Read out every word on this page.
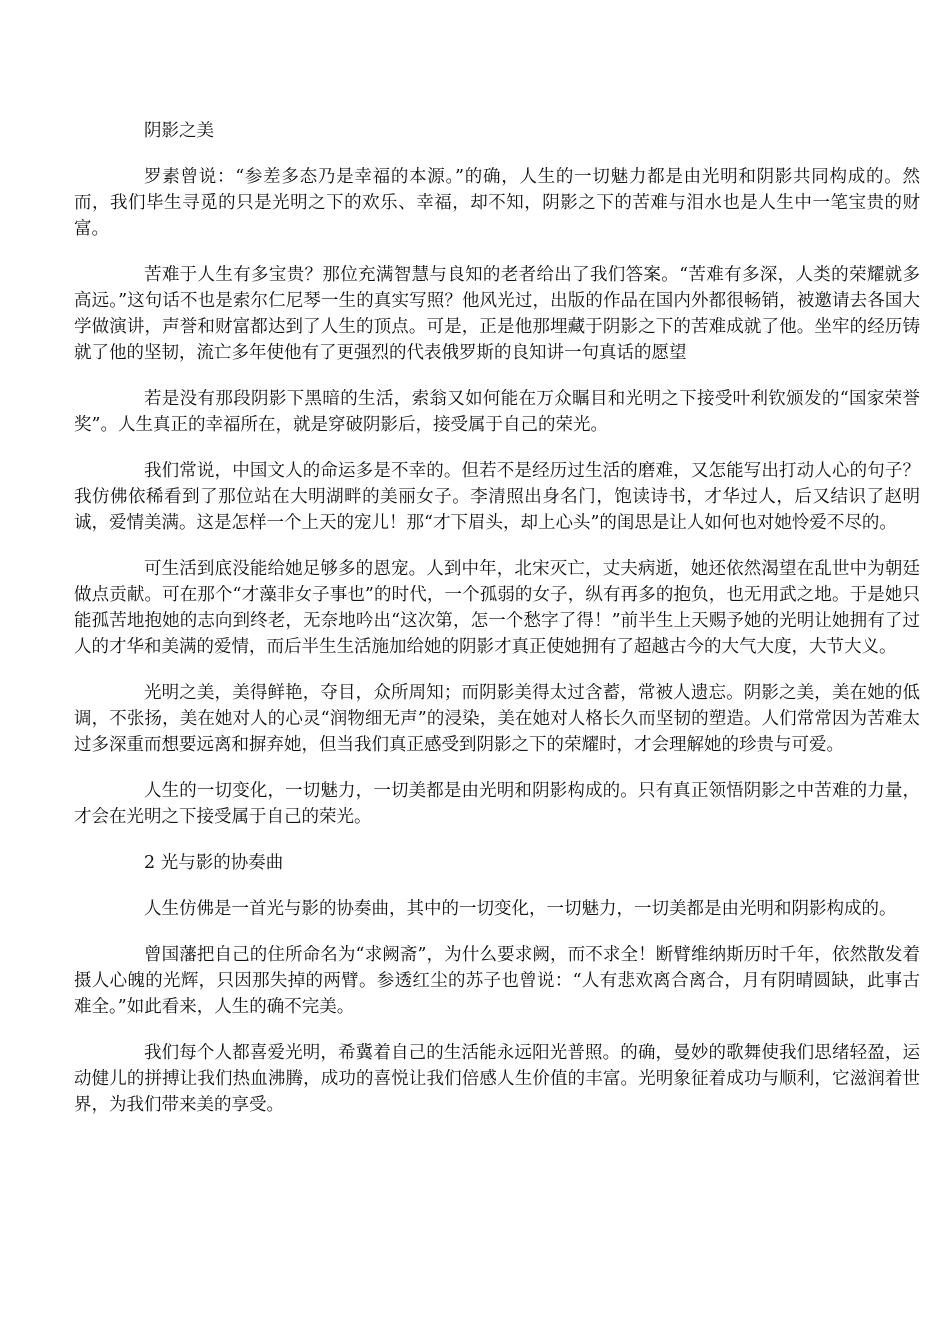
阴影之美

罗素曾说：“参差多态乃是幸福的本源。”的确，人生的一切魅力都是由光明和阴影共同构成的。然而，我们毕生寻觅的只是光明之下的欢乐、幸福，却不知，阴影之下的苦难与泪水也是人生中一笔宝贵的财富。

苦难于人生有多宝贵？那位充满智慧与良知的老者给出了我们答案。“苦难有多深，人类的荣耀就多高远。”这句话不也是索尔仁尼琴一生的真实写照？他风光过，出版的作品在国内外都很畅销，被邀请去各国大学做演讲，声誉和财富都达到了人生的顶点。可是，正是他那埋藏于阴影之下的苦难成就了他。坐牢的经历铸就了他的坚韧，流亡多年使他有了更强烈的代表俄罗斯的良知讲一句真话的愿望

若是没有那段阴影下黑暗的生活，索翁又如何能在万众瞩目和光明之下接受叶利钦颁发的“国家荣誉奖”。人生真正的幸福所在，就是穿破阴影后，接受属于自己的荣光。

我们常说，中国文人的命运多是不幸的。但若不是经历过生活的磨难，又怎能写出打动人心的句子？我仿佛依稀看到了那位站在大明湖畔的美丽女子。李清照出身名门，饱读诗书，才华过人，后又结识了赵明诚，爱情美满。这是怎样一个上天的宠儿！那“才下眉头，却上心头”的闺思是让人如何也对她怜爱不尽的。

可生活到底没能给她足够多的恩宠。人到中年，北宋灭亡，丈夫病逝，她还依然渴望在乱世中为朝廷做点贡献。可在那个“才藻非女子事也”的时代，一个孤弱的女子，纵有再多的抱负，也无用武之地。于是她只能孤苦地抱她的志向到终老，无奈地吟出“这次第，怎一个愁字了得！”前半生上天赐予她的光明让她拥有了过人的才华和美满的爱情，而后半生生活施加给她的阴影才真正使她拥有了超越古今的大气大度，大节大义。

光明之美，美得鲜艳，夺目，众所周知；而阴影美得太过含蓄，常被人遗忘。阴影之美，美在她的低调，不张扬，美在她对人的心灵“润物细无声”的浸染，美在她对人格长久而坚韧的塑造。人们常常因为苦难太过多深重而想要远离和摒弃她，但当我们真正感受到阴影之下的荣耀时，才会理解她的珍贵与可爱。

人生的一切变化，一切魅力，一切美都是由光明和阴影构成的。只有真正领悟阴影之中苦难的力量，才会在光明之下接受属于自己的荣光。

2 光与影的协奏曲

人生仿佛是一首光与影的协奏曲，其中的一切变化，一切魅力，一切美都是由光明和阴影构成的。

曾国藩把自己的住所命名为“求阙斋”，为什么要求阙，而不求全！断臂维纳斯历时千年，依然散发着摄人心魄的光辉，只因那失掉的两臂。参透红尘的苏子也曾说：“人有悲欢离合离合，月有阴晴圆缺，此事古难全。”如此看来，人生的确不完美。

我们每个人都喜爱光明，希冀着自己的生活能永远阳光普照。的确，曼妙的歌舞使我们思绪轻盈，运动健儿的拼搏让我们热血沸腾，成功的喜悦让我们倍感人生价值的丰富。光明象征着成功与顺利，它滋润着世界，为我们带来美的享受。
